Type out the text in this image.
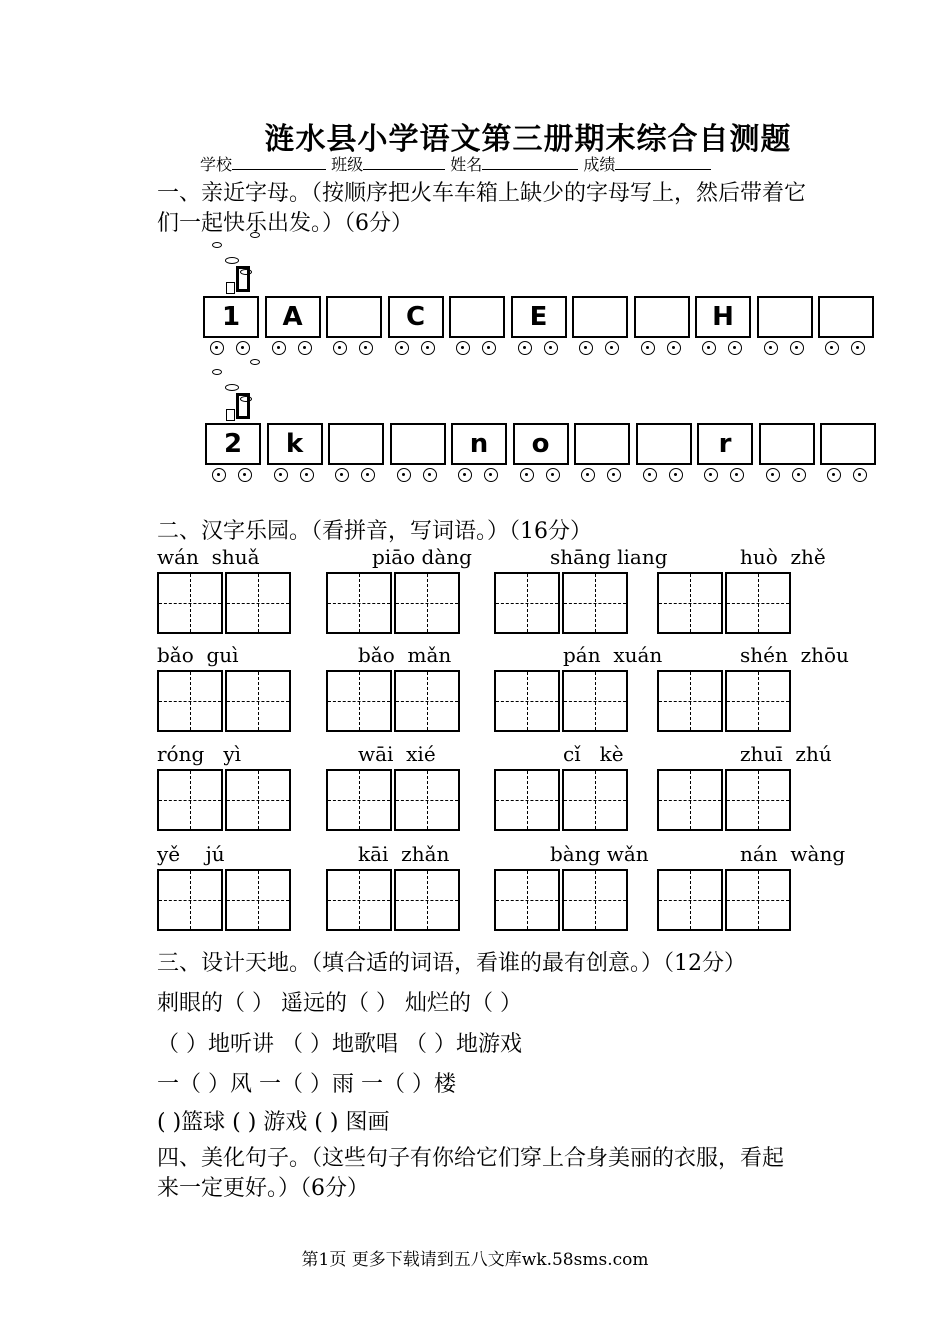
涟水县小学语文第三册期末综合自测题
学校	班级	姓名	成绩
一、亲近字母。（按顺序把火车车箱上缺少的字母写上，然后带着它
们一起快乐出发。）（6分）
1	A	C	E	H
2	k	n	o	r
二、汉字乐园。（看拼音，写词语。）（16分）
wán  shuǎ	piāo dàng	shāng liang	huò  zhě
bǎo  guì	bǎo  mǎn	pán  xuán	shén  zhōu
róng   yì	wāi  xié	cǐ   kè	zhuī  zhú
yě    jú	kāi  zhǎn	bàng wǎn	nán  wàng
三、设计天地。（填合适的词语，看谁的最有创意。）（12分）
刺眼的（ ） 遥远的（ ） 灿烂的（ ）
（ ）地听讲 （ ）地歌唱 （ ）地游戏
一（ ）风 一（ ）雨 一（ ）楼
( )篮球 ( ) 游戏 ( ) 图画
四、美化句子。（这些句子有你给它们穿上合身美丽的衣服，看起
来一定更好。）（6分）
第1页 更多下载请到五八文库wk.58sms.com
